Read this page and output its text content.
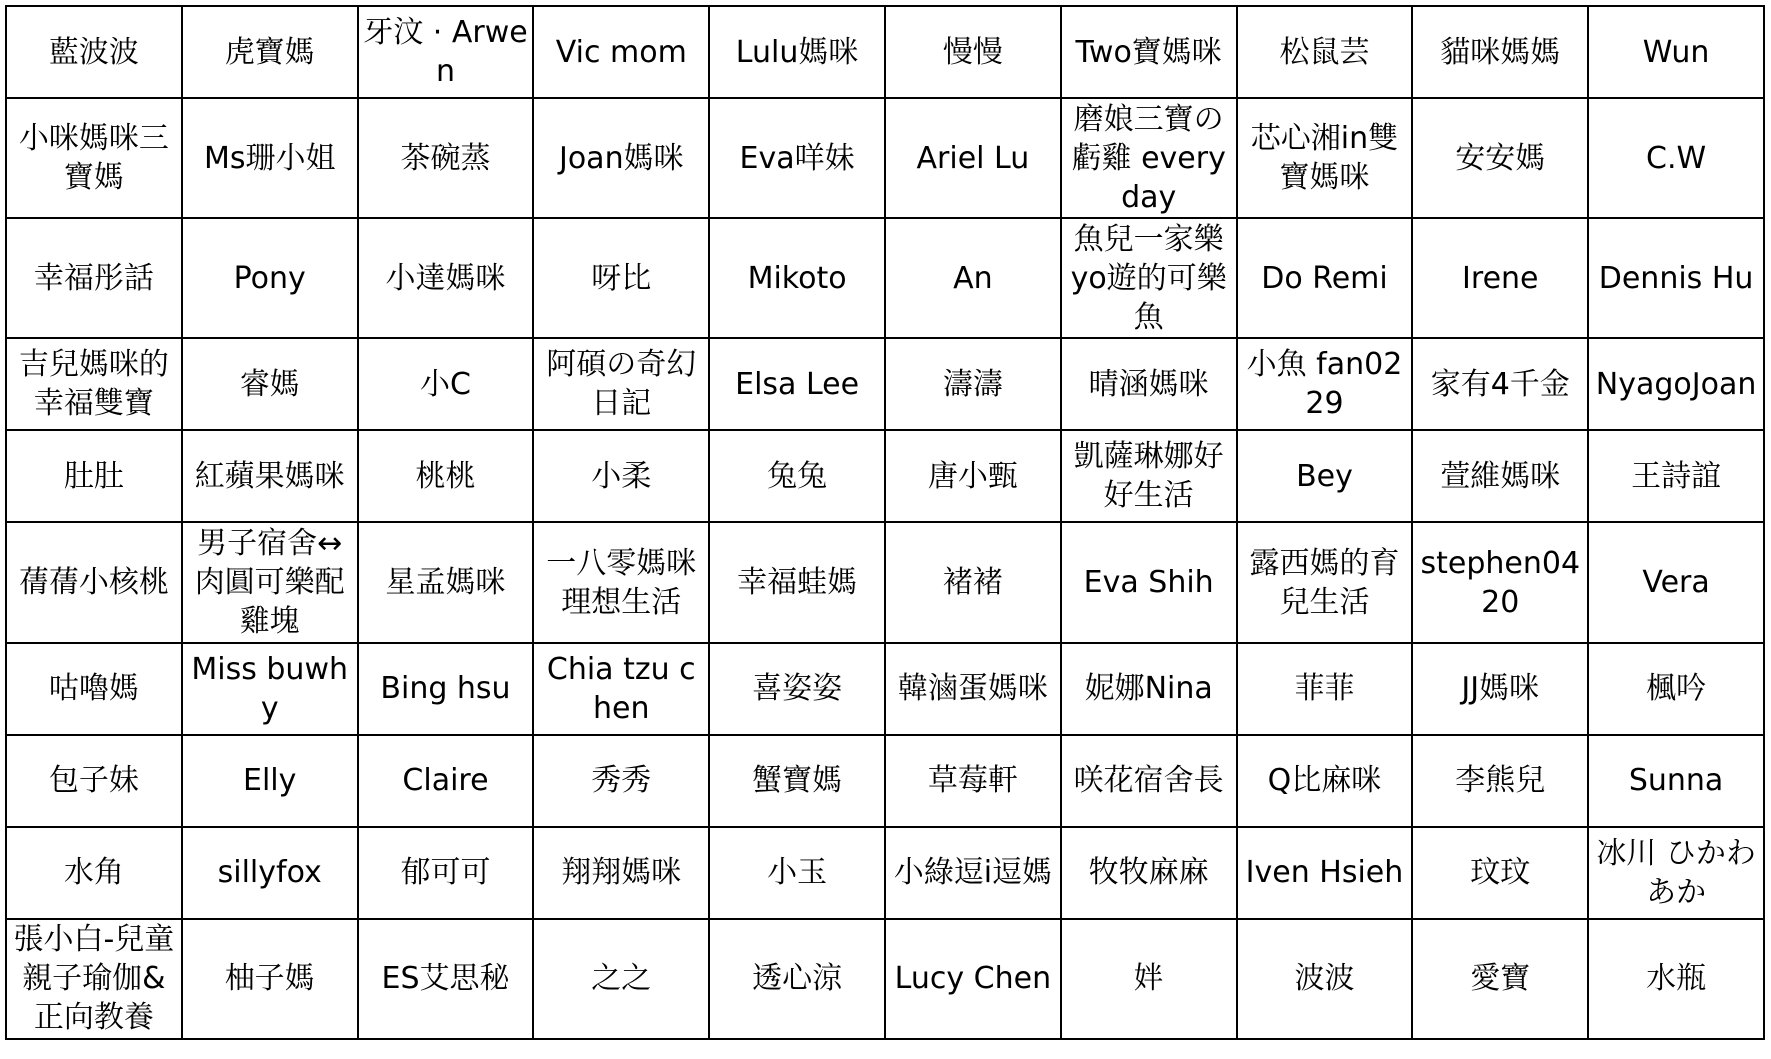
藍波波	虎寶媽	牙汶 · Arwen	Vic mom	Lulu媽咪	慢慢	Two寶媽咪	松鼠芸	貓咪媽媽	Wun
小咪媽咪三寶媽	Ms珊小姐	茶碗蒸	Joan媽咪	Eva咩妹	Ariel Lu	磨娘三寶の虧雞 everyday	芯心湘in雙寶媽咪	安安媽	C.W
幸福彤話	Pony	小達媽咪	呀比	Mikoto	An	魚兒一家樂yo遊的可樂魚	Do Remi	Irene	Dennis Hu
吉兒媽咪的幸福雙寶	睿媽	小C	阿碩の奇幻日記	Elsa Lee	濤濤	晴涵媽咪	小魚 fan0229	家有4千金	NyagoJoan
肚肚	紅蘋果媽咪	桃桃	小柔	兔兔	唐小甄	凱薩琳娜好好生活	Bey	萱維媽咪	王詩誼
蒨蒨小核桃	男子宿舍↔肉圓可樂配雞塊	星孟媽咪	一八零媽咪理想生活	幸福蛙媽	褚褚	Eva Shih	露西媽的育兒生活	stephen0420	Vera
咕嚕媽	Miss buwhy	Bing hsu	Chia tzu chen	喜姿姿	韓滷蛋媽咪	妮娜Nina	菲菲	JJ媽咪	楓吟
包子妹	Elly	Claire	秀秀	蟹寶媽	草莓軒	咲花宿舍長	Q比麻咪	李熊兒	Sunna
水角	sillyfox	郁可可	翔翔媽咪	小玉	小綠逗i逗媽	牧牧麻麻	Iven Hsieh	玟玟	冰川 ひかわ あか
張小白-兒童親子瑜伽&正向教養	柚子媽	ES艾思秘	之之	透心涼	Lucy Chen	姅	波波	愛寶	水瓶
